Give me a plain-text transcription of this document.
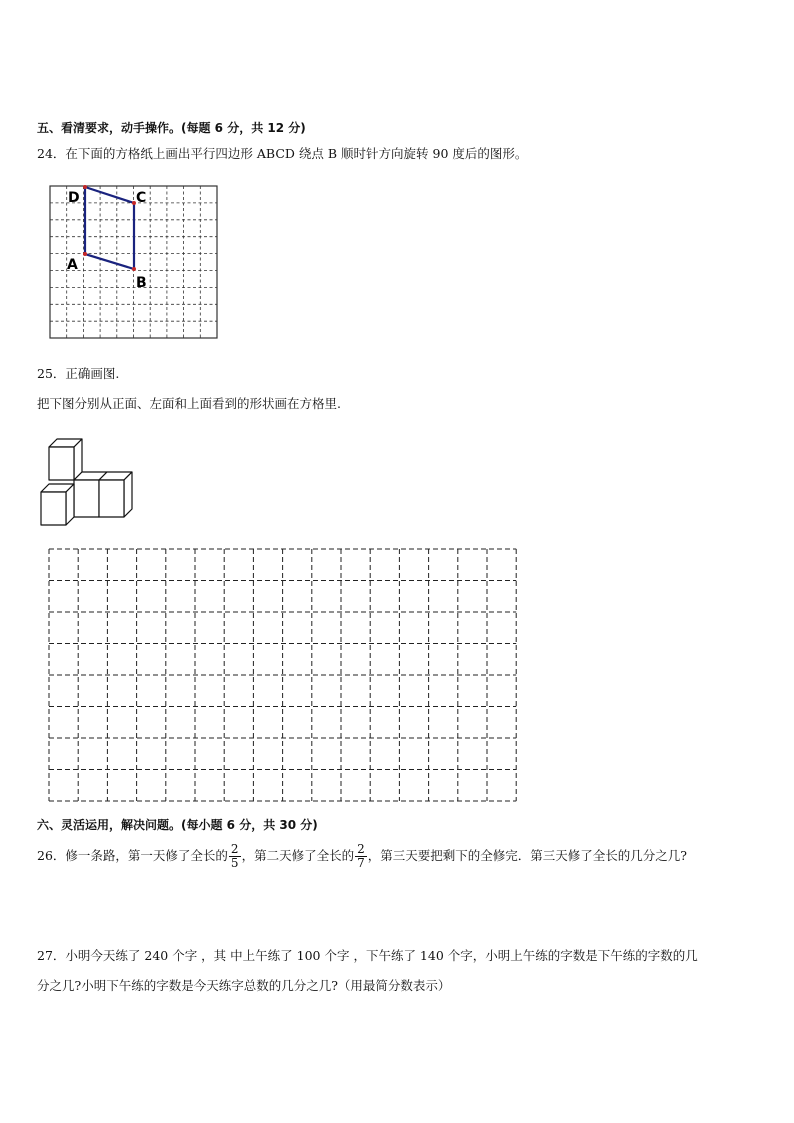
五、看清要求，动手操作。(每题 6 分，共 12 分)
24．在下面的方格纸上画出平行四边形 ABCD 绕点 B 顺时针方向旋转 90 度后的图形。
D	C
A
B
25．正确画图.
把下图分别从正面、左面和上面看到的形状画在方格里.
六、灵活运用，解决问题。(每小题 6 分，共 30 分)
26．修一条路，第一天修了全长的 $\frac{2}{5}$ ，第二天修了全长的 $\frac{2}{7}$ ，第三天要把剩下的全修完．第三天修了全长的几分之几?
27．小明今天练了 240 个字 ，其 中上午练了 100 个字 ，下午练了 140 个字，小明上午练的字数是下午练的字数的几
分之几?小明下午练的字数是今天练字总数的几分之几?（用最简分数表示）
